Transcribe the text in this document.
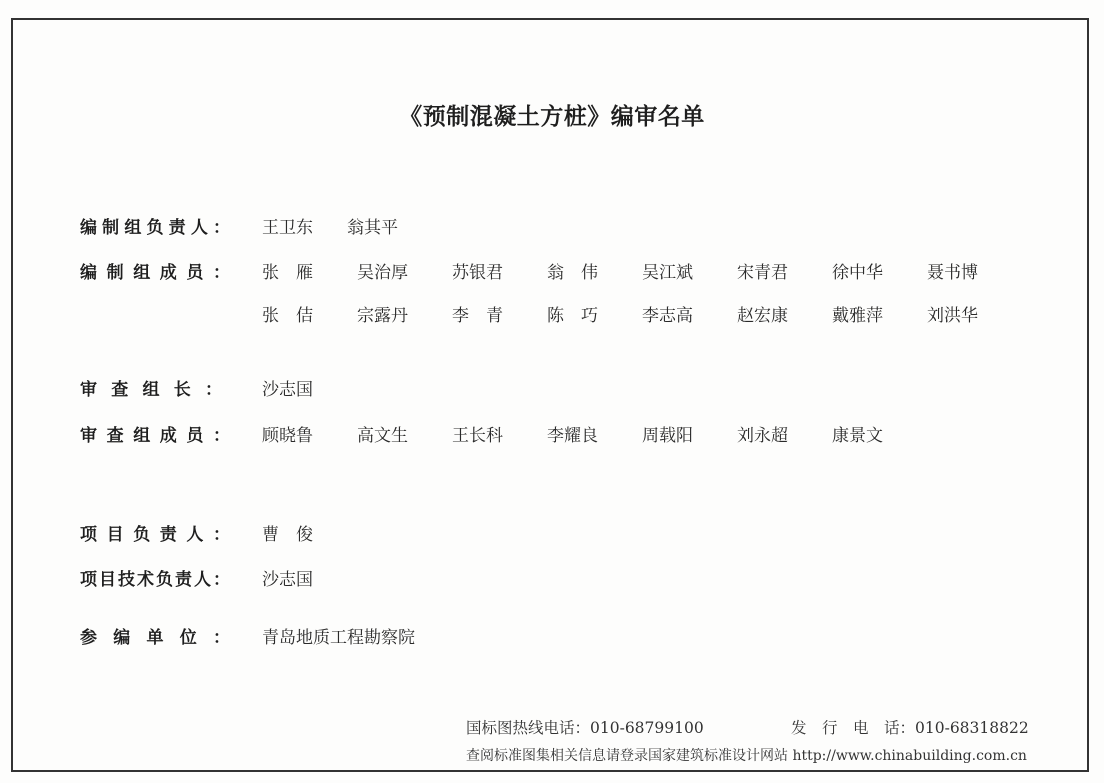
《预制混凝土方桩》编审名单
编制组负责人： 王卫东　　翁其平
编制组成员： 张　雁	吴治厚	苏银君	翁　伟	吴江斌	宋青君	徐中华	聂书博
张　佶	宗露丹	李　青	陈　巧	李志高	赵宏康	戴雅萍	刘洪华
审查组长： 沙志国
审查组成员： 顾晓鲁	高文生	王长科	李耀良	周载阳	刘永超	康景文
项目负责人： 曹　俊
项目技术负责人： 沙志国
参编单位： 青岛地质工程勘察院
国标图热线电话：010-68799100	发　行　电　话：010-68318822
查阅标准图集相关信息请登录国家建筑标准设计网站 http://www.chinabuilding.com.cn
